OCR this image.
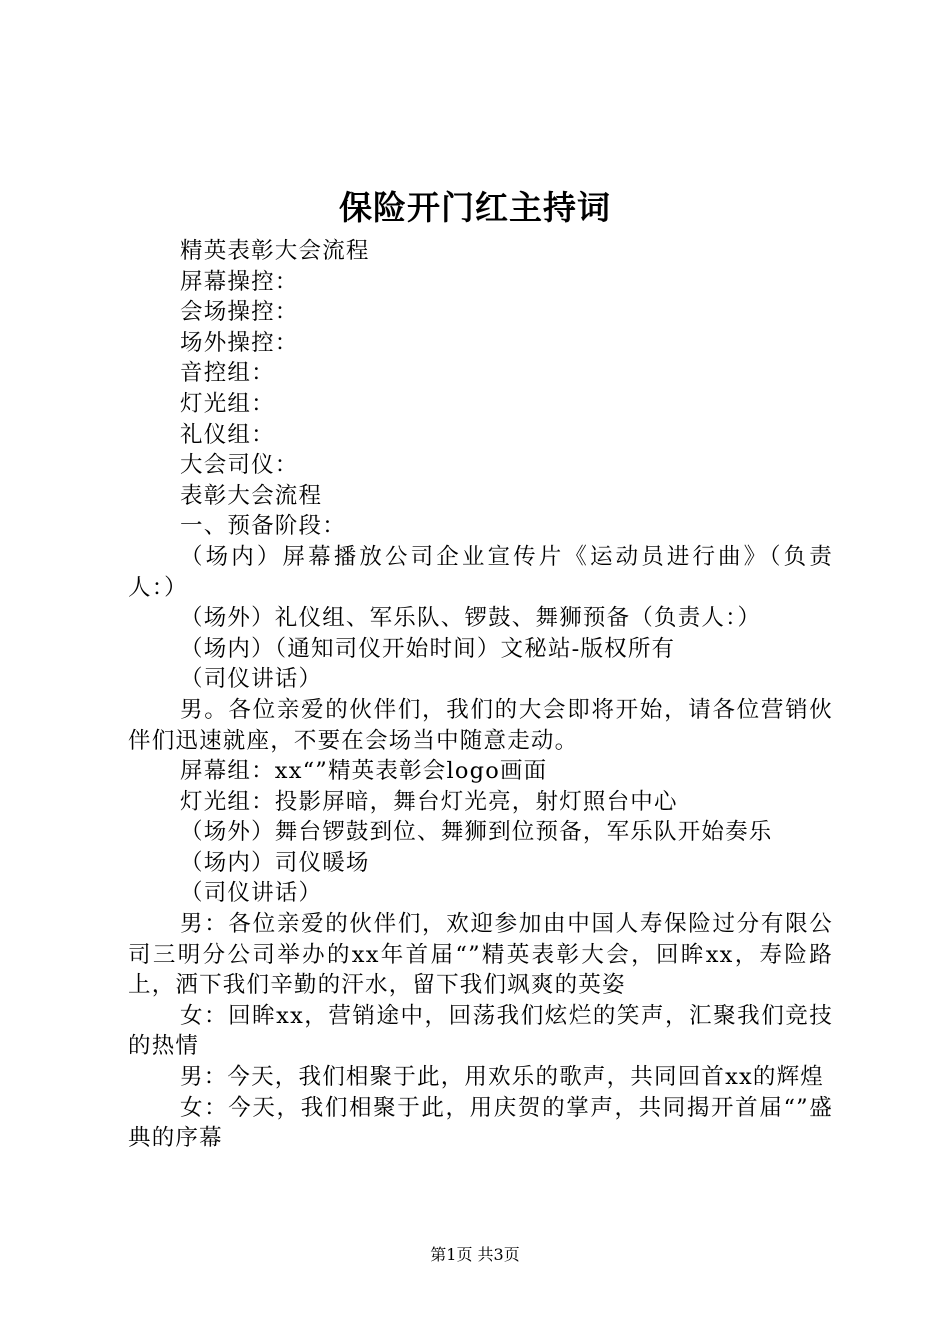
保险开门红主持词

精英表彰大会流程

屏幕操控：

会场操控：

场外操控：

音控组：

灯光组：

礼仪组：

大会司仪：

表彰大会流程

一、预备阶段：

（场内）屏幕播放公司企业宣传片《运动员进行曲》（负责人：）

（场外）礼仪组、军乐队、锣鼓、舞狮预备（负责人：）

（场内）（通知司仪开始时间）文秘站-版权所有

（司仪讲话）

男。各位亲爱的伙伴们，我们的大会即将开始，请各位营销伙伴们迅速就座，不要在会场当中随意走动。

屏幕组：xx“”精英表彰会logo画面

灯光组：投影屏暗，舞台灯光亮，射灯照台中心

（场外）舞台锣鼓到位、舞狮到位预备，军乐队开始奏乐

（场内）司仪暖场

（司仪讲话）

男：各位亲爱的伙伴们，欢迎参加由中国人寿保险过分有限公司三明分公司举办的xx年首届“”精英表彰大会，回眸xx，寿险路上，洒下我们辛勤的汗水，留下我们飒爽的英姿

女：回眸xx，营销途中，回荡我们炫烂的笑声，汇聚我们竞技的热情

男：今天，我们相聚于此，用欢乐的歌声，共同回首xx的辉煌

女：今天，我们相聚于此，用庆贺的掌声，共同揭开首届“”盛典的序幕

第1页 共3页
